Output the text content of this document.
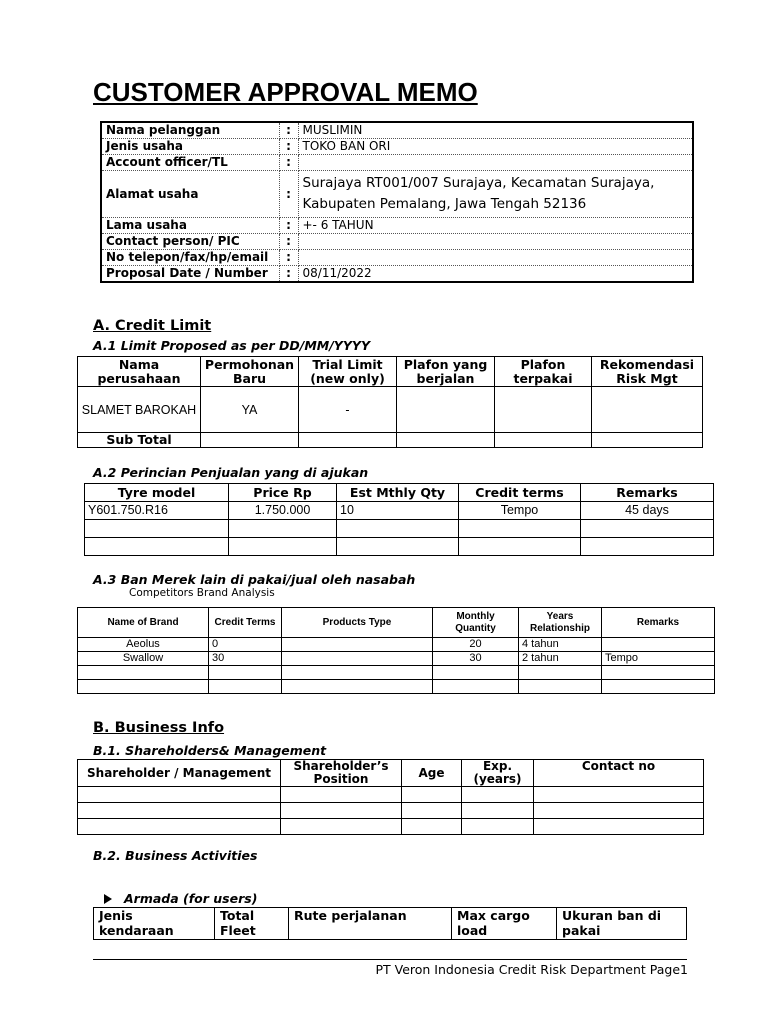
CUSTOMER APPROVAL MEMO
Nama pelanggan	:	MUSLIMIN
Jenis usaha	:	TOKO BAN ORI
Account officer/TL	:	
Alamat usaha	:	Surajaya RT001/007 Surajaya, Kecamatan Surajaya, Kabupaten Pemalang, Jawa Tengah 52136
Lama usaha	:	+- 6 TAHUN
Contact person/ PIC	:	
No telepon/fax/hp/email	:	
Proposal Date / Number	:	08/11/2022
A. Credit Limit
A.1 Limit Proposed as per DD/MM/YYYY
Nama perusahaan	Permohonan Baru	Trial Limit (new only)	Plafon yang berjalan	Plafon terpakai	Rekomendasi Risk Mgt
SLAMET BAROKAH	YA	-			
Sub Total					
A.2 Perincian Penjualan yang di ajukan
Tyre model	Price Rp	Est Mthly Qty	Credit terms	Remarks
Y601.750.R16	1.750.000	10	Tempo	45 days

A.3 Ban Merek lain di pakai/jual oleh nasabah
Competitors Brand Analysis
Name of Brand	Credit Terms	Products Type	Monthly Quantity	Years Relationship	Remarks
Aeolus	0		20	4 tahun	
Swallow	30		30	2 tahun	Tempo

B. Business Info
B.1. Shareholders& Management
Shareholder / Management	Shareholder’s Position	Age	Exp. (years)	Contact no

B.2. Business Activities
Armada (for users)
Jenis kendaraan	Total Fleet	Rute perjalanan	Max cargo load	Ukuran ban di pakai
PT Veron Indonesia Credit Risk Department Page1
